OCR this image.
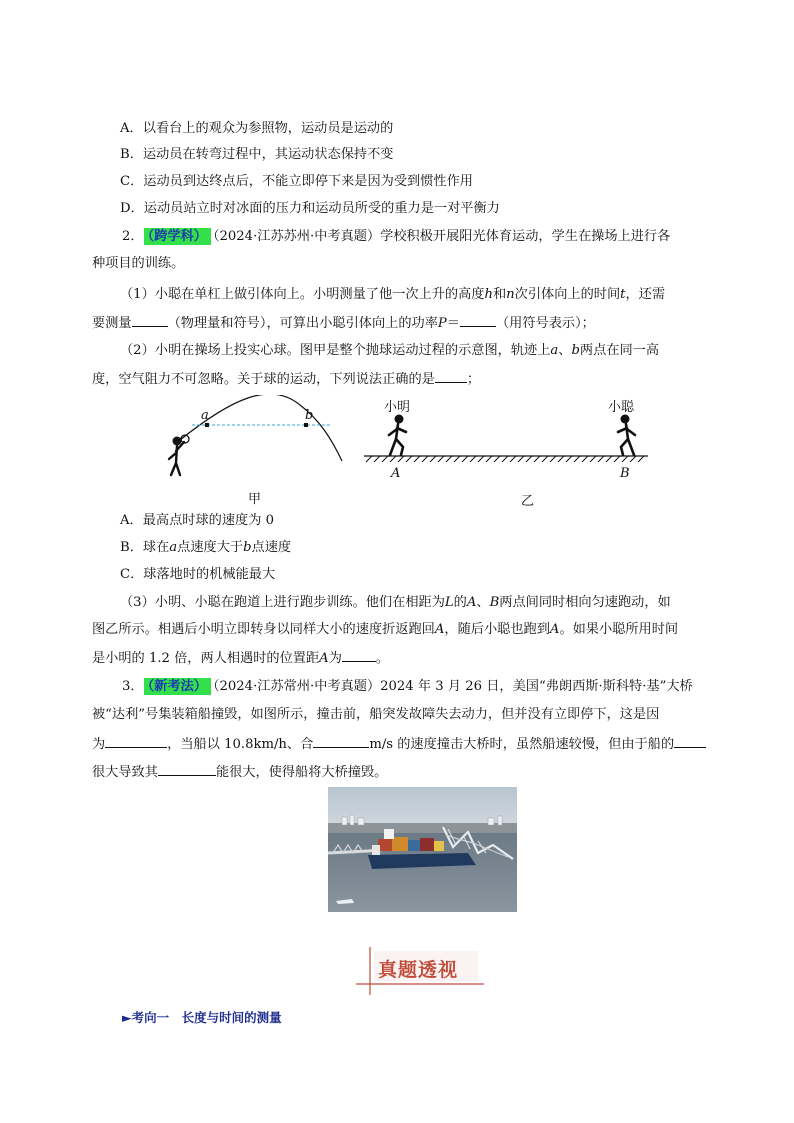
A．以看台上的观众为参照物，运动员是运动的
B．运动员在转弯过程中，其运动状态保持不变
C．运动员到达终点后，不能立即停下来是因为受到惯性作用
D．运动员站立时对冰面的压力和运动员所受的重力是一对平衡力
2． （跨学科） （2024·江苏苏州·中考真题）学校积极开展阳光体育运动，学生在操场上进行各
种项目的训练。
（1）小聪在单杠上做引体向上。小明测量了他一次上升的高度h和n次引体向上的时间t，还需
要测量	（物理量和符号），可算出小聪引体向上的功率P＝	（用符号表示）；
（2）小明在操场上投实心球。图甲是整个抛球运动过程的示意图，轨迹上a、b两点在同一高
度，空气阻力不可忽略。关于球的运动，下列说法正确的是 ；
a	b
甲
小明	小聪
A	B
乙
A．最高点时球的速度为 0
B．球在a点速度大于b点速度
C．球落地时的机械能最大
（3）小明、小聪在跑道上进行跑步训练。他们在相距为L的A、B两点间同时相向匀速跑动，如
图乙所示。相遇后小明立即转身以同样大小的速度折返跑回A，随后小聪也跑到A。如果小聪所用时间
是小明的 1.2 倍，两人相遇时的位置距A为	。
3． （新考法） （2024·江苏常州·中考真题）2024 年 3 月 26 日，美国“弗朗西斯·斯科特·基”大桥
被“达利”号集装箱船撞毁，如图所示，撞击前，船突发故障失去动力，但并没有立即停下，这是因
为	，当船以 10.8km/h、合	m/s 的速度撞击大桥时，虽然船速较慢，但由于船的
很大导致其	能很大，使得船将大桥撞毁。
真题透视
►考向一　长度与时间的测量
